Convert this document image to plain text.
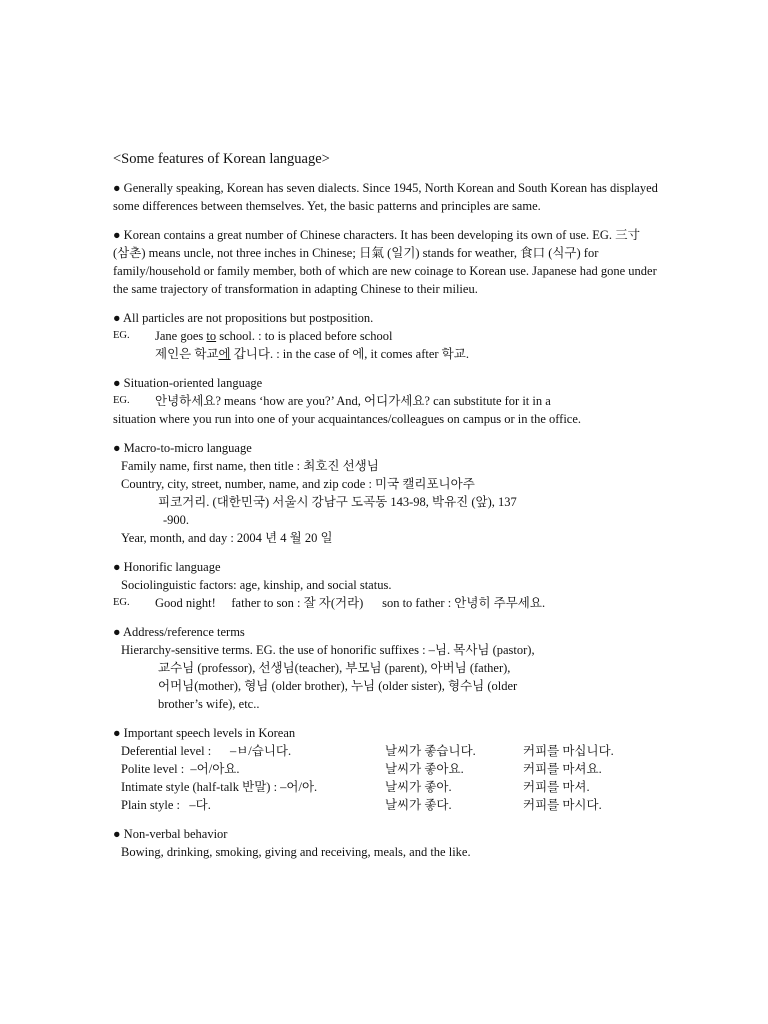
<Some features of Korean language>

● Generally speaking, Korean has seven dialects. Since 1945, North Korean and South Korean has displayed some differences between themselves. Yet, the basic patterns and principles are same.

● Korean contains a great number of Chinese characters. It has been developing its own of use. EG. 三寸 (삼촌) means uncle, not three inches in Chinese; 日氣 (일기) stands for weather, 食口 (식구) for family/household or family member, both of which are new coinage to Korean use. Japanese had gone under the same trajectory of transformation in adapting Chinese to their milieu.

● All particles are not propositions but postposition.

EG.	Jane goes to school. : to is placed before school
제인은 학교에 갑니다. : in the case of 에, it comes after 학교.

● Situation-oriented language

EG.	안녕하세요? means ‘how are you?’ And, 어디가세요? can substitute for it in a

situation where you run into one of your acquaintances/colleagues on campus or in the office.

● Macro-to-micro language

Family name, first name, then title : 최호진 선생님

Country, city, street, number, name, and zip code : 미국 캘리포니아주

피코거리. (대한민국) 서울시 강남구 도곡동 143-98, 박유진 (앞), 137

-900.

Year, month, and day : 2004 년 4 월 20 일

● Honorific language

Sociolinguistic factors: age, kinship, and social status.

EG.	Good night!     father to son : 잘 자(거라)      son to father : 안녕히 주무세요.

● Address/reference terms

Hierarchy-sensitive terms. EG. the use of honorific suffixes : –님. 목사님 (pastor),

교수님 (professor), 선생님(teacher), 부모님 (parent), 아버님 (father),

어머님(mother), 형님 (older brother), 누님 (older sister), 형수님 (older

brother’s wife), etc..

● Important speech levels in Korean

Deferential level :      –ㅂ/습니다.	날씨가 좋습니다.	커피를 마십니다.
Polite level :  –어/아요.	날씨가 좋아요.	커피를 마셔요.
Intimate style (half-talk 반말) : –어/아.	날씨가 좋아.	커피를 마셔.
Plain style :   –다.	날씨가 좋다.	커피를 마시다.

● Non-verbal behavior

Bowing, drinking, smoking, giving and receiving, meals, and the like.
